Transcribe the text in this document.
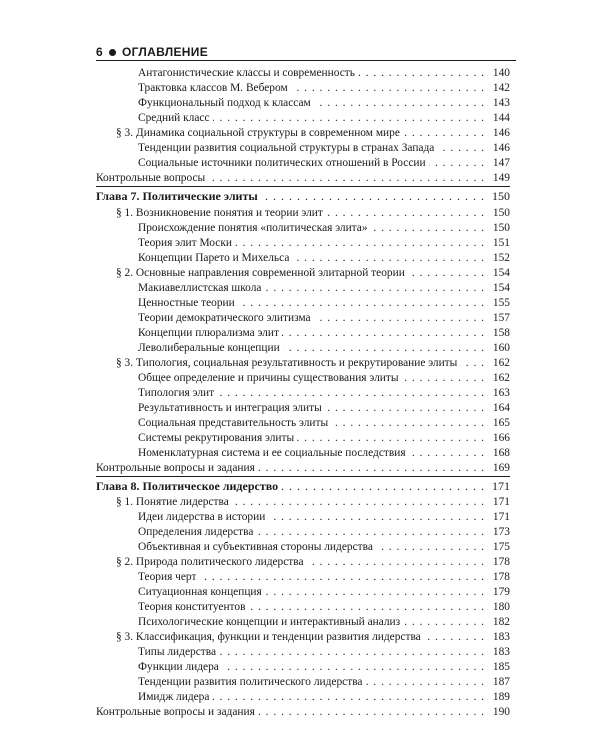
6 ОГЛАВЛЕНИЕ
Антагонистические классы и современность . . .	140
Трактовка классов М. Вебером . . .	142
Функциональный подход к классам . . .	143
Средний класс . . .	144
§ 3. Динамика социальной структуры в современном мире . . .	146
Тенденции развития социальной структуры в странах Запада . . .	146
Социальные источники политических отношений в России . . .	147
Контрольные вопросы . . .	149
Глава 7. Политические элиты . . .	150
§ 1. Возникновение понятия и теории элит . . .	150
Происхождение понятия «политическая элита» . . .	150
Теория элит Моски . . .	151
Концепции Парето и Михельса . . .	152
§ 2. Основные направления современной элитарной теории . . .	154
Макиавеллистская школа . . .	154
Ценностные теории . . .	155
Теории демократического элитизма . . .	157
Концепции плюрализма элит . . .	158
Леволиберальные концепции . . .	160
§ 3. Типология, социальная результативность и рекрутирование элиты . . .	162
Общее определение и причины существования элиты . . .	162
Типология элит . . .	163
Результативность и интеграция элиты . . .	164
Социальная представительность элиты . . .	165
Системы рекрутирования элиты . . .	166
Номенклатурная система и ее социальные последствия . . .	168
Контрольные вопросы и задания . . .	169
Глава 8. Политическое лидерство . . .	171
§ 1. Понятие лидерства . . .	171
Идеи лидерства в истории . . .	171
Определения лидерства . . .	173
Объективная и субъективная стороны лидерства . . .	175
§ 2. Природа политического лидерства . . .	178
Теория черт . . .	178
Ситуационная концепция . . .	179
Теория конституентов . . .	180
Психологические концепции и интерактивный анализ . . .	182
§ 3. Классификация, функции и тенденции развития лидерства . . .	183
Типы лидерства . . .	183
Функции лидера . . .	185
Тенденции развития политического лидерства . . .	187
Имидж лидера . . .	189
Контрольные вопросы и задания . . .	190
